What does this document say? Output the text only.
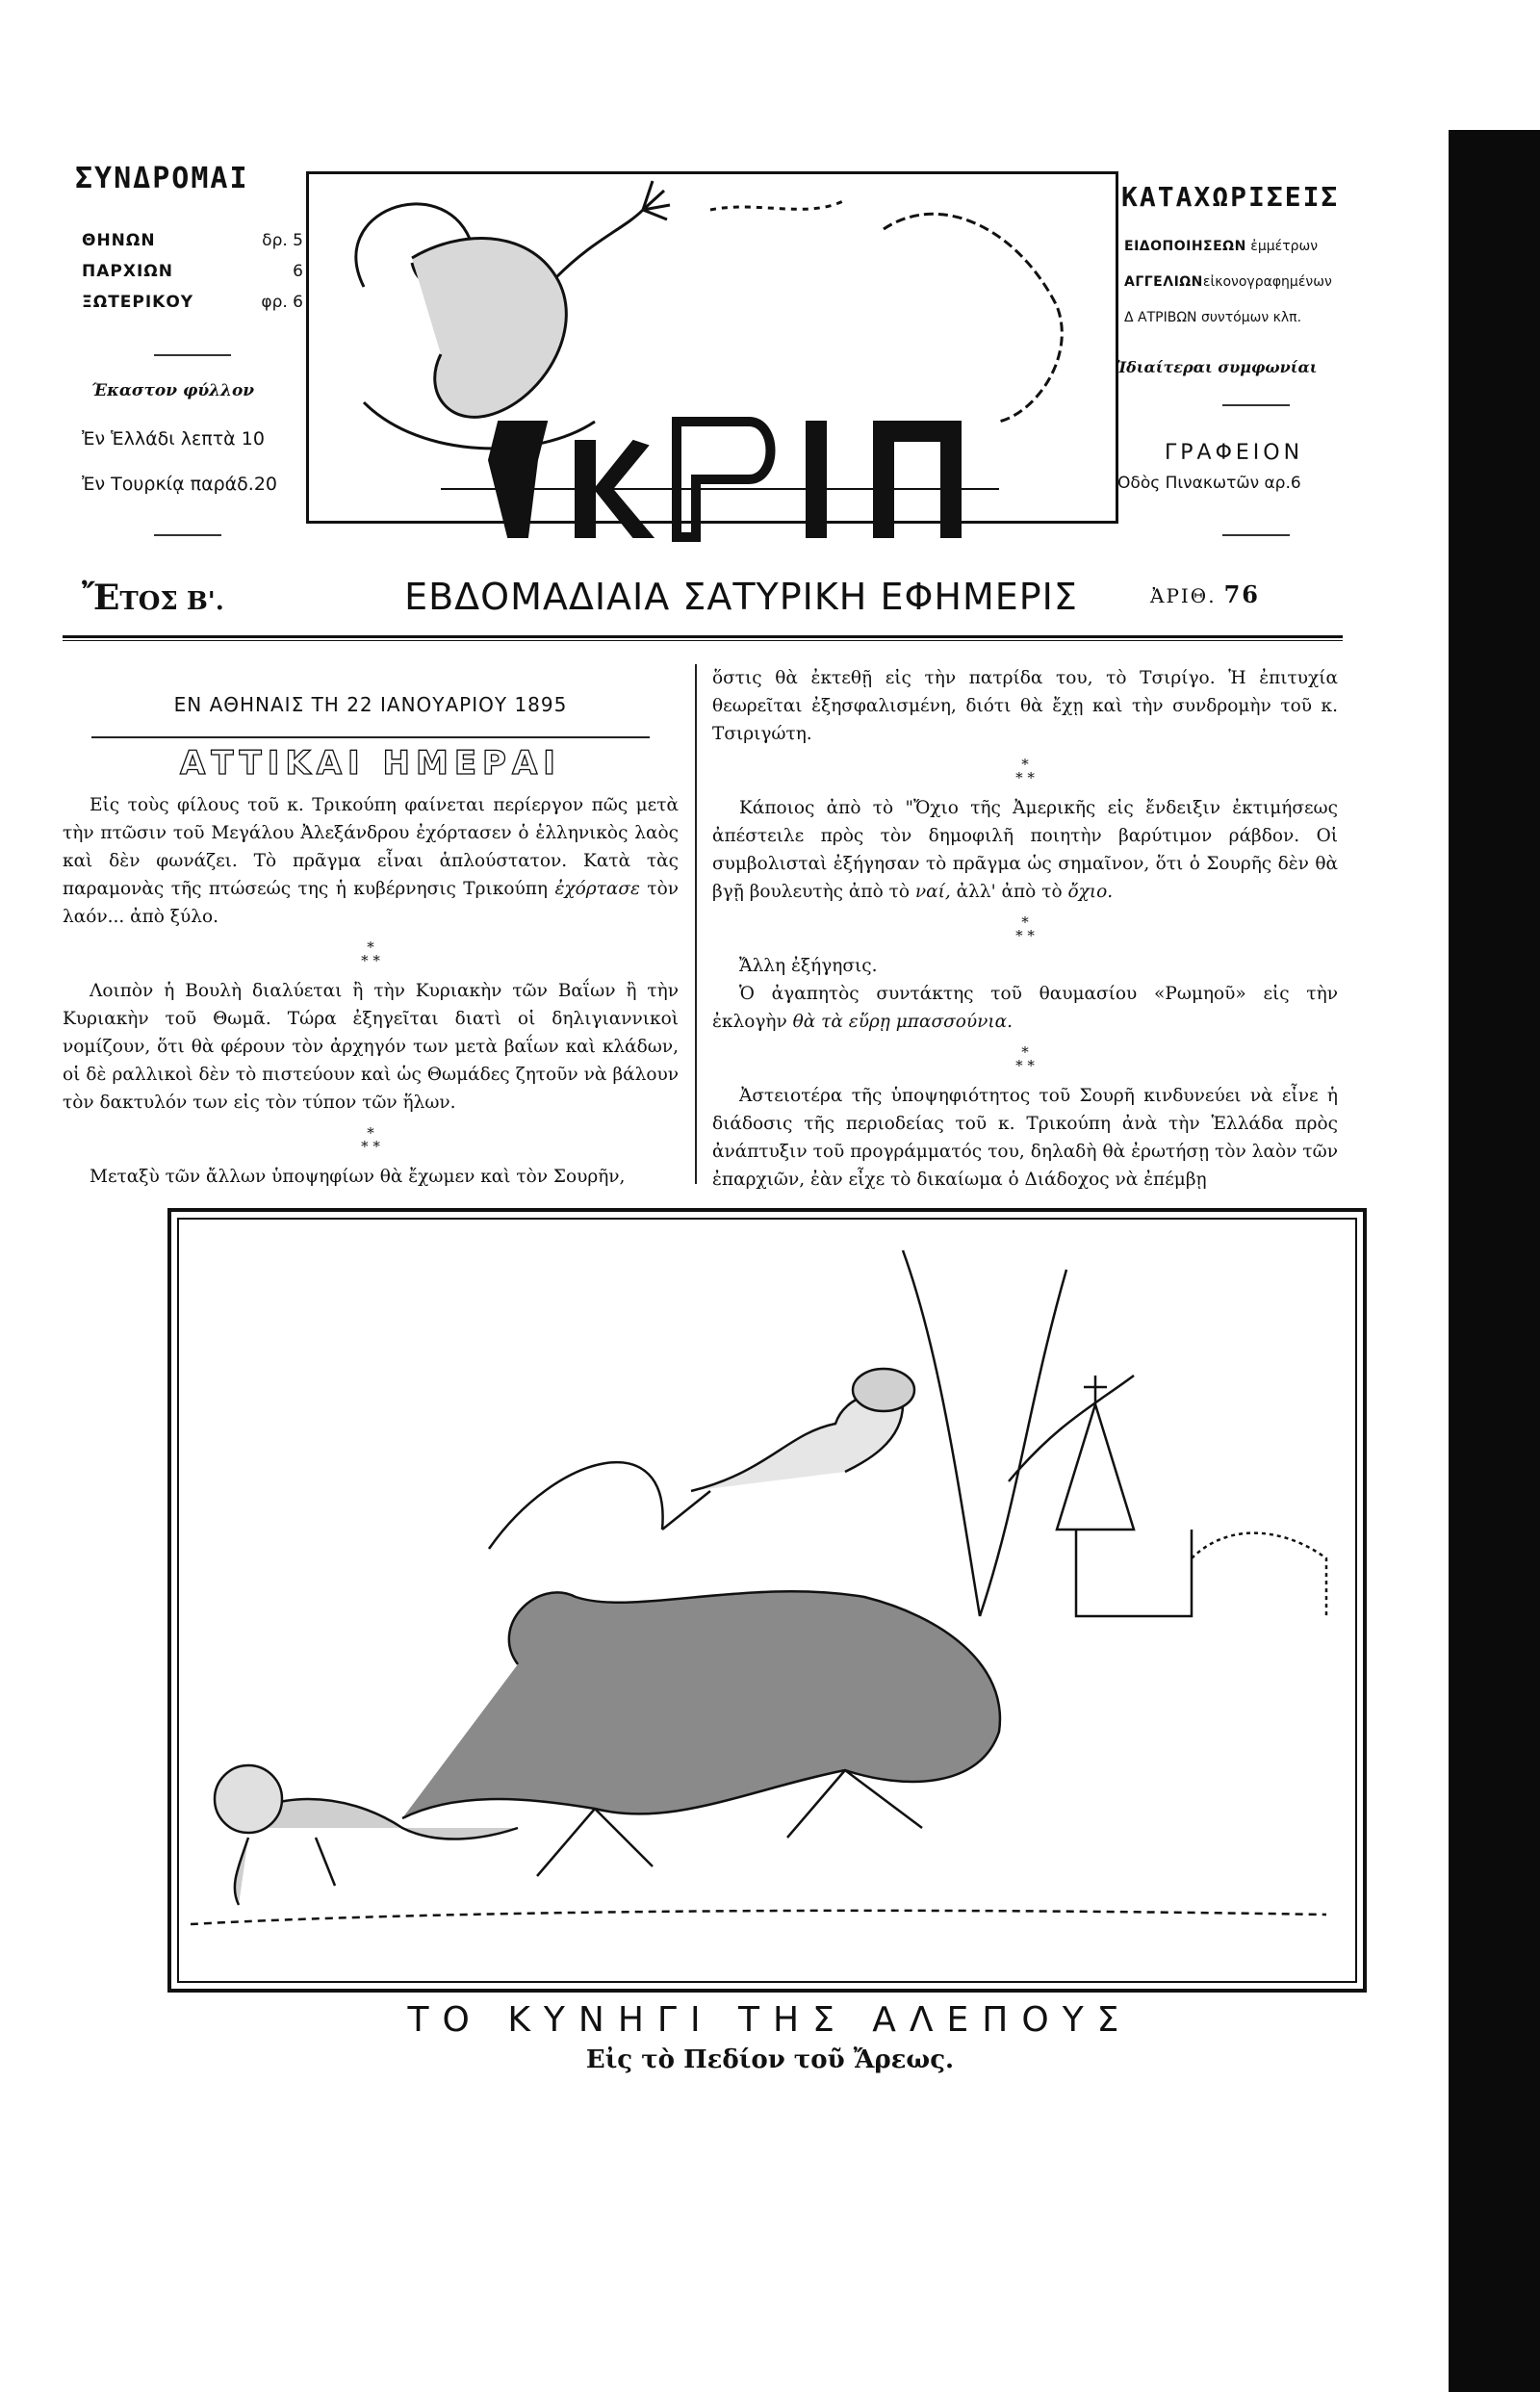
ΣΥΝΔΡΟΜΑΙ
ΘΗΝΩΝ	δρ. 5
ΠΑΡΧΙΩΝ	6
ΞΩΤΕΡΙΚΟΥ	φρ. 6
Έκαστον φύλλον
Ἐν Ἑλλάδι λεπτὰ 10
Ἐν Τουρκίᾳ παράδ.20
ΚΑΤΑΧΩΡΙΣΕΙΣ
ΕΙΔΟΠΟΙΗΣΕΩΝ ἐμμέτρων
ΑΓΓΕΛΙΩΝεἰκονογραφημένων
Δ ΑΤΡΙΒΩΝ συντόμων κλπ.
Ἰδιαίτεραι συμφωνίαι
ΓΡΑΦΕΙΟΝ
Ὁδὸς Πινακωτῶν αρ.6
ἜΤΟΣ Β'.	ΕΒΔΟΜΑΔΙΑΙΑ ΣΑΤΥΡΙΚΗ ΕΦΗΜΕΡΙΣ	ἈΡΙΘ. 76
ΕΝ ΑΘΗΝΑΙΣ ΤΗ 22 ΙΑΝΟΥΑΡΙΟΥ 1895
ΑΤΤΙΚΑΙ ΗΜΕΡΑΙ

Εἰς τοὺς φίλους τοῦ κ. Τρικούπη φαίνεται περίεργον πῶς μετὰ τὴν πτῶσιν τοῦ Μεγάλου Ἀλεξάνδρου ἐχόρτασεν ὁ ἑλληνικὸς λαὸς καὶ δὲν φωνάζει. Τὸ πρᾶγμα εἶναι ἁπλούστατον. Κατὰ τὰς παραμονὰς τῆς πτώσεώς της ἡ κυβέρνησις Τρικούπη ἐχόρτασε τὸν λαόν... ἀπὸ ξύλο.

*
* *

Λοιπὸν ἡ Βουλὴ διαλύεται ἢ τὴν Κυριακὴν τῶν Βαΐων ἢ τὴν Κυριακὴν τοῦ Θωμᾶ. Τώρα ἐξηγεῖται διατὶ οἱ δηλιγιαννικοὶ νομίζουν, ὅτι θὰ φέρουν τὸν ἀρχηγόν των μετὰ βαΐων καὶ κλάδων, οἱ δὲ ραλλικοὶ δὲν τὸ πιστεύουν καὶ ὡς Θωμάδες ζητοῦν νὰ βάλουν τὸν δακτυλόν των εἰς τὸν τύπον τῶν ἥλων.

*
* *

Μεταξὺ τῶν ἄλλων ὑποψηφίων θὰ ἔχωμεν καὶ τὸν Σουρῆν,

ὅστις θὰ ἐκτεθῇ εἰς τὴν πατρίδα του, τὸ Τσιρίγο. Ἡ ἐπιτυχία θεωρεῖται ἐξησφαλισμένη, διότι θὰ ἔχῃ καὶ τὴν συνδρομὴν τοῦ κ. Τσιριγώτη.

*
* *

Κάποιος ἀπὸ τὸ "Ὄχιο τῆς Ἀμερικῆς εἰς ἔνδειξιν ἐκτιμήσεως ἀπέστειλε πρὸς τὸν δημοφιλῆ ποιητὴν βαρύτιμον ράβδον. Οἱ συμβολισταὶ ἐξήγησαν τὸ πρᾶγμα ὡς σημαῖνον, ὅτι ὁ Σουρῆς δὲν θὰ βγῇ βουλευτὴς ἀπὸ τὸ ναί, ἀλλ' ἀπὸ τὸ ὄχιο.

*
* *

Ἄλλη ἐξήγησις.

Ὁ ἀγαπητὸς συντάκτης τοῦ θαυμασίου «Ρωμηοῦ» εἰς τὴν ἐκλογὴν θὰ τὰ εὕρῃ μπασσούνια.

*
* *

Ἀστειοτέρα τῆς ὑποψηφιότητος τοῦ Σουρῆ κινδυνεύει νὰ εἶνε ἡ διάδοσις τῆς περιοδείας τοῦ κ. Τρικούπη ἀνὰ τὴν Ἑλλάδα πρὸς ἀνάπτυξιν τοῦ προγράμματός του, δηλαδὴ θὰ ἐρωτήσῃ τὸν λαὸν τῶν ἐπαρχιῶν, ἐὰν εἶχε τὸ δικαίωμα ὁ Διάδοχος νὰ ἐπέμβῃ

ΤΟ ΚΥΝΗΓΙ ΤΗΣ ΑΛΕΠΟΥΣ
Εἰς τὸ Πεδίον τοῦ Ἄρεως.
